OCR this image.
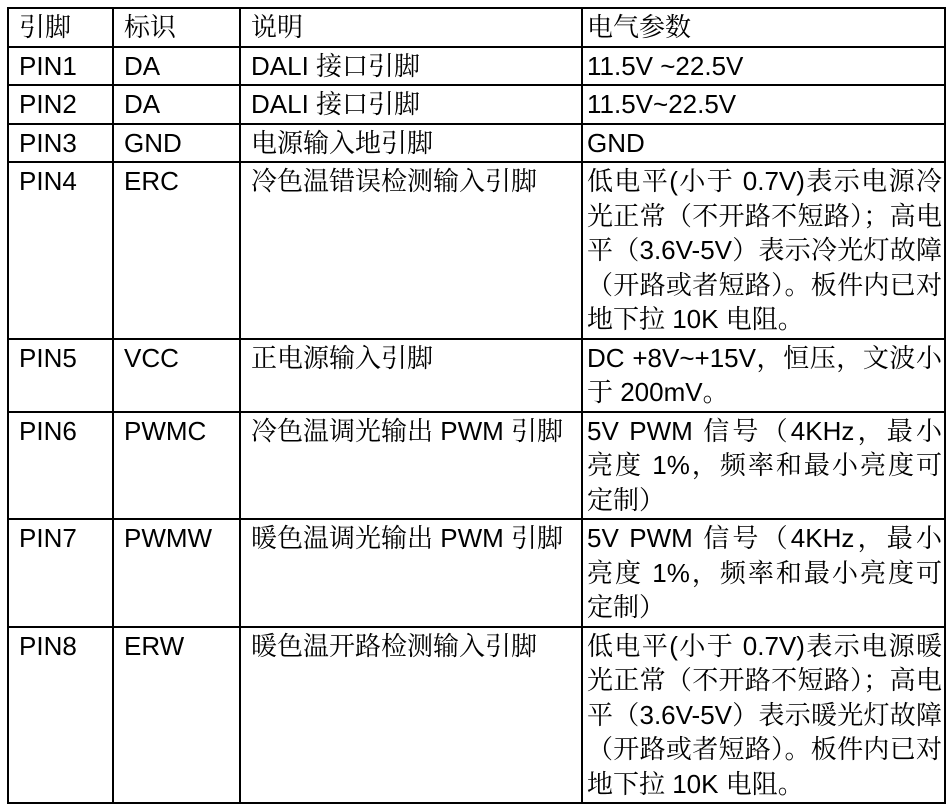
引脚	标识	说明	电气参数
PIN1	DA	DALI 接口引脚	11.5V ~22.5V
PIN2	DA	DALI 接口引脚	11.5V~22.5V
PIN3	GND	电源输入地引脚	GND
PIN4	ERC	冷色温错误检测输入引脚	低电平(小于 0.7V)表示电源冷光正常（不开路不短路）；高电平（3.6V-5V）表示冷光灯故障（开路或者短路）。板件内已对地下拉 10K 电阻。
PIN5	VCC	正电源输入引脚	DC +8V~+15V，恒压，文波小于 200mV。
PIN6	PWMC	冷色温调光输出 PWM 引脚	5V PWM 信号（4KHz，最小亮度 1%，频率和最小亮度可定制）
PIN7	PWMW	暖色温调光输出 PWM 引脚	5V PWM 信号（4KHz，最小亮度 1%，频率和最小亮度可定制）
PIN8	ERW	暖色温开路检测输入引脚	低电平(小于 0.7V)表示电源暖光正常（不开路不短路）；高电平（3.6V-5V）表示暖光灯故障（开路或者短路）。板件内已对地下拉 10K 电阻。
